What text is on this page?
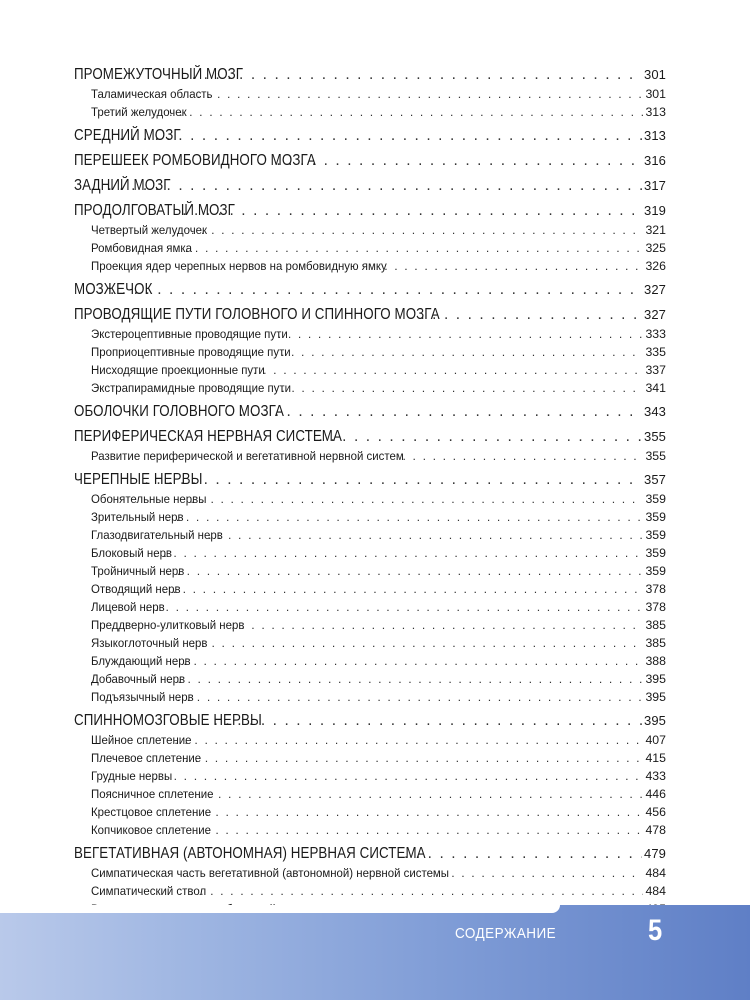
ПРОМЕЖУТОЧНЫЙ МОЗГ . . .	301
Таламическая область . . .	301
Третий желудочек . . .	313
СРЕДНИЙ МОЗГ . . .	313
ПЕРЕШЕЕК РОМБОВИДНОГО МОЗГА . . .	316
ЗАДНИЙ МОЗГ . . .	317
ПРОДОЛГОВАТЫЙ МОЗГ . . .	319
Четвертый желудочек . . .	321
Ромбовидная ямка . . .	325
Проекция ядер черепных нервов на ромбовидную ямку . . .	326
МОЗЖЕЧОК . . .	327
ПРОВОДЯЩИЕ ПУТИ ГОЛОВНОГО И СПИННОГО МОЗГА . . .	327
Экстероцептивные проводящие пути . . .	333
Проприоцептивные проводящие пути . . .	335
Нисходящие проекционные пути . . .	337
Экстрапирамидные проводящие пути . . .	341
ОБОЛОЧКИ ГОЛОВНОГО МОЗГА . . .	343
ПЕРИФЕРИЧЕСКАЯ НЕРВНАЯ СИСТЕМА . . .	355
Развитие периферической и вегетативной нервной систем . . .	355
ЧЕРЕПНЫЕ НЕРВЫ . . .	357
Обонятельные нервы . . .	359
Зрительный нерв . . .	359
Глазодвигательный нерв . . .	359
Блоковый нерв . . .	359
Тройничный нерв . . .	359
Отводящий нерв . . .	378
Лицевой нерв . . .	378
Преддверно-улитковый нерв . . .	385
Языкоглоточный нерв . . .	385
Блуждающий нерв . . .	388
Добавочный нерв . . .	395
Подъязычный нерв . . .	395
СПИННОМОЗГОВЫЕ НЕРВЫ . . .	395
Шейное сплетение . . .	407
Плечевое сплетение . . .	415
Грудные нервы . . .	433
Поясничное сплетение . . .	446
Крестцовое сплетение . . .	456
Копчиковое сплетение . . .	478
ВЕГЕТАТИВНАЯ (АВТОНОМНАЯ) НЕРВНАЯ СИСТЕМА . . .	479
Симпатическая часть вегетативной (автономной) нервной системы . . .	484
Симпатический ствол . . .	484
. . .
СОДЕРЖАНИЕ	5
